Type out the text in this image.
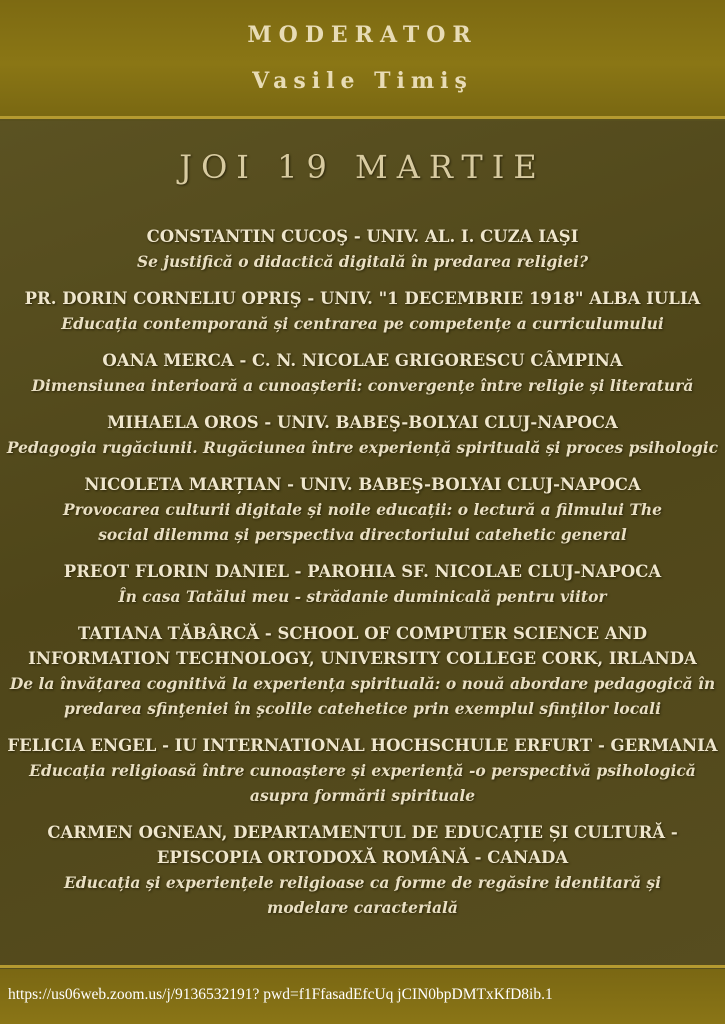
MODERATOR
Vasile Timiş
JOI 19 MARTIE
CONSTANTIN CUCOŞ - UNIV. AL. I. CUZA IAŞI
Se justifică o didactică digitală în predarea religiei?
PR. DORIN CORNELIU OPRIŞ - UNIV. "1 DECEMBRIE 1918" ALBA IULIA
Educația contemporană și centrarea pe competențe a curriculumului
OANA MERCA - C. N. NICOLAE GRIGORESCU CÂMPINA
Dimensiunea interioară a cunoașterii: convergențe între religie și literatură
MIHAELA OROS - UNIV. BABEŞ-BOLYAI CLUJ-NAPOCA
Pedagogia rugăciunii. Rugăciunea între experiență spirituală și proces psihologic
NICOLETA MARȚIAN - UNIV. BABEŞ-BOLYAI CLUJ-NAPOCA
Provocarea culturii digitale și noile educații: o lectură a filmului The social dilemma și perspectiva directoriului catehetic general
PREOT FLORIN DANIEL - PAROHIA SF. NICOLAE CLUJ-NAPOCA
În casa Tatălui meu - strădanie duminicală pentru viitor
TATIANA TĂBÂRCĂ - SCHOOL OF COMPUTER SCIENCE AND INFORMATION TECHNOLOGY, UNIVERSITY COLLEGE CORK, IRLANDA
De la învățarea cognitivă la experiența spirituală: o nouă abordare pedagogică în predarea sfinţeniei în şcolile catehetice prin exemplul sfinţilor locali
FELICIA ENGEL - IU INTERNATIONAL HOCHSCHULE ERFURT - GERMANIA
Educația religioasă între cunoaștere și experiență -o perspectivă psihologică asupra formării spirituale
CARMEN OGNEAN, DEPARTAMENTUL DE EDUCAȚIE ȘI CULTURĂ - EPISCOPIA ORTODOXĂ ROMÂNĂ - CANADA
Educația și experiențele religioase ca forme de regăsire identitară și modelare caracterială
https://us06web.zoom.us/j/9136532191? pwd=f1FfasadEfcUq jCIN0bpDMTxKfD8ib.1
